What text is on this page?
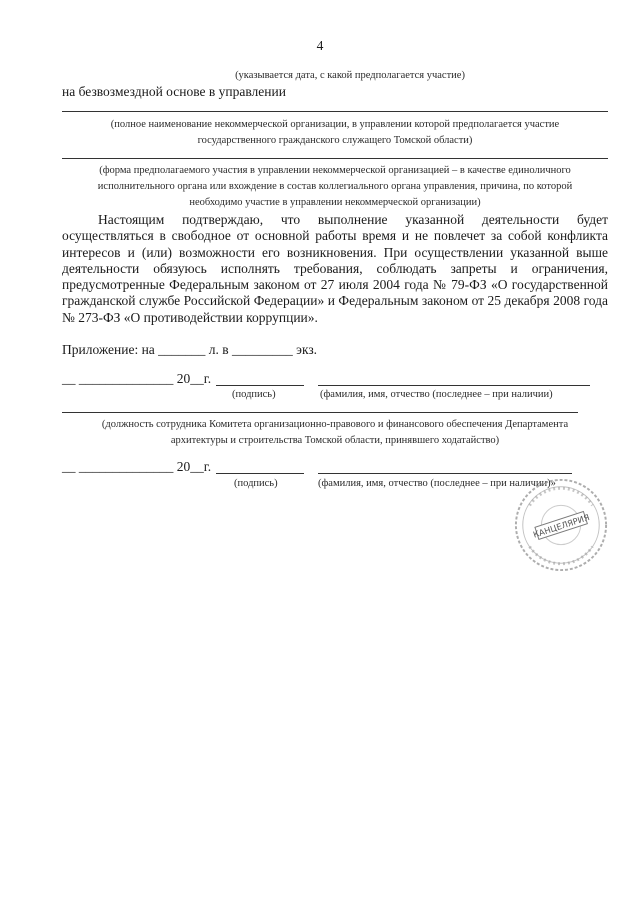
4
(указывается дата, с какой предполагается участие)
на безвозмездной основе в управлении
(полное наименование некоммерческой организации, в управлении которой предполагается участие
государственного гражданского служащего Томской области)
(форма предполагаемого участия в управлении некоммерческой организацией – в качестве единоличного
исполнительного органа или вхождение в состав коллегиального органа управления, причина, по которой
необходимо участие в управлении некоммерческой организации)
Настоящим подтверждаю, что выполнение указанной деятельности будет осуществляться в свободное от основной работы время и не повлечет за собой конфликта интересов и (или) возможности его возникновения. При осуществлении указанной выше деятельности обязуюсь исполнять требования, соблюдать запреты и ограничения, предусмотренные Федеральным законом от 27 июля 2004 года № 79-ФЗ «О государственной гражданской службе Российской Федерации» и Федеральным законом от 25 декабря 2008 года № 273-ФЗ «О противодействии коррупции».
Приложение: на _______ л. в _________ экз.
__ ______________ 20__г.
(подпись)	(фамилия, имя, отчество (последнее – при наличии)
(должность сотрудника Комитета организационно-правового и финансового обеспечения Департамента
архитектуры и строительства Томской области, принявшего ходатайство)
__ ______________ 20__г.
(подпись)	(фамилия, имя, отчество (последнее – при наличии)»
КАНЦЕЛЯРИЯ
